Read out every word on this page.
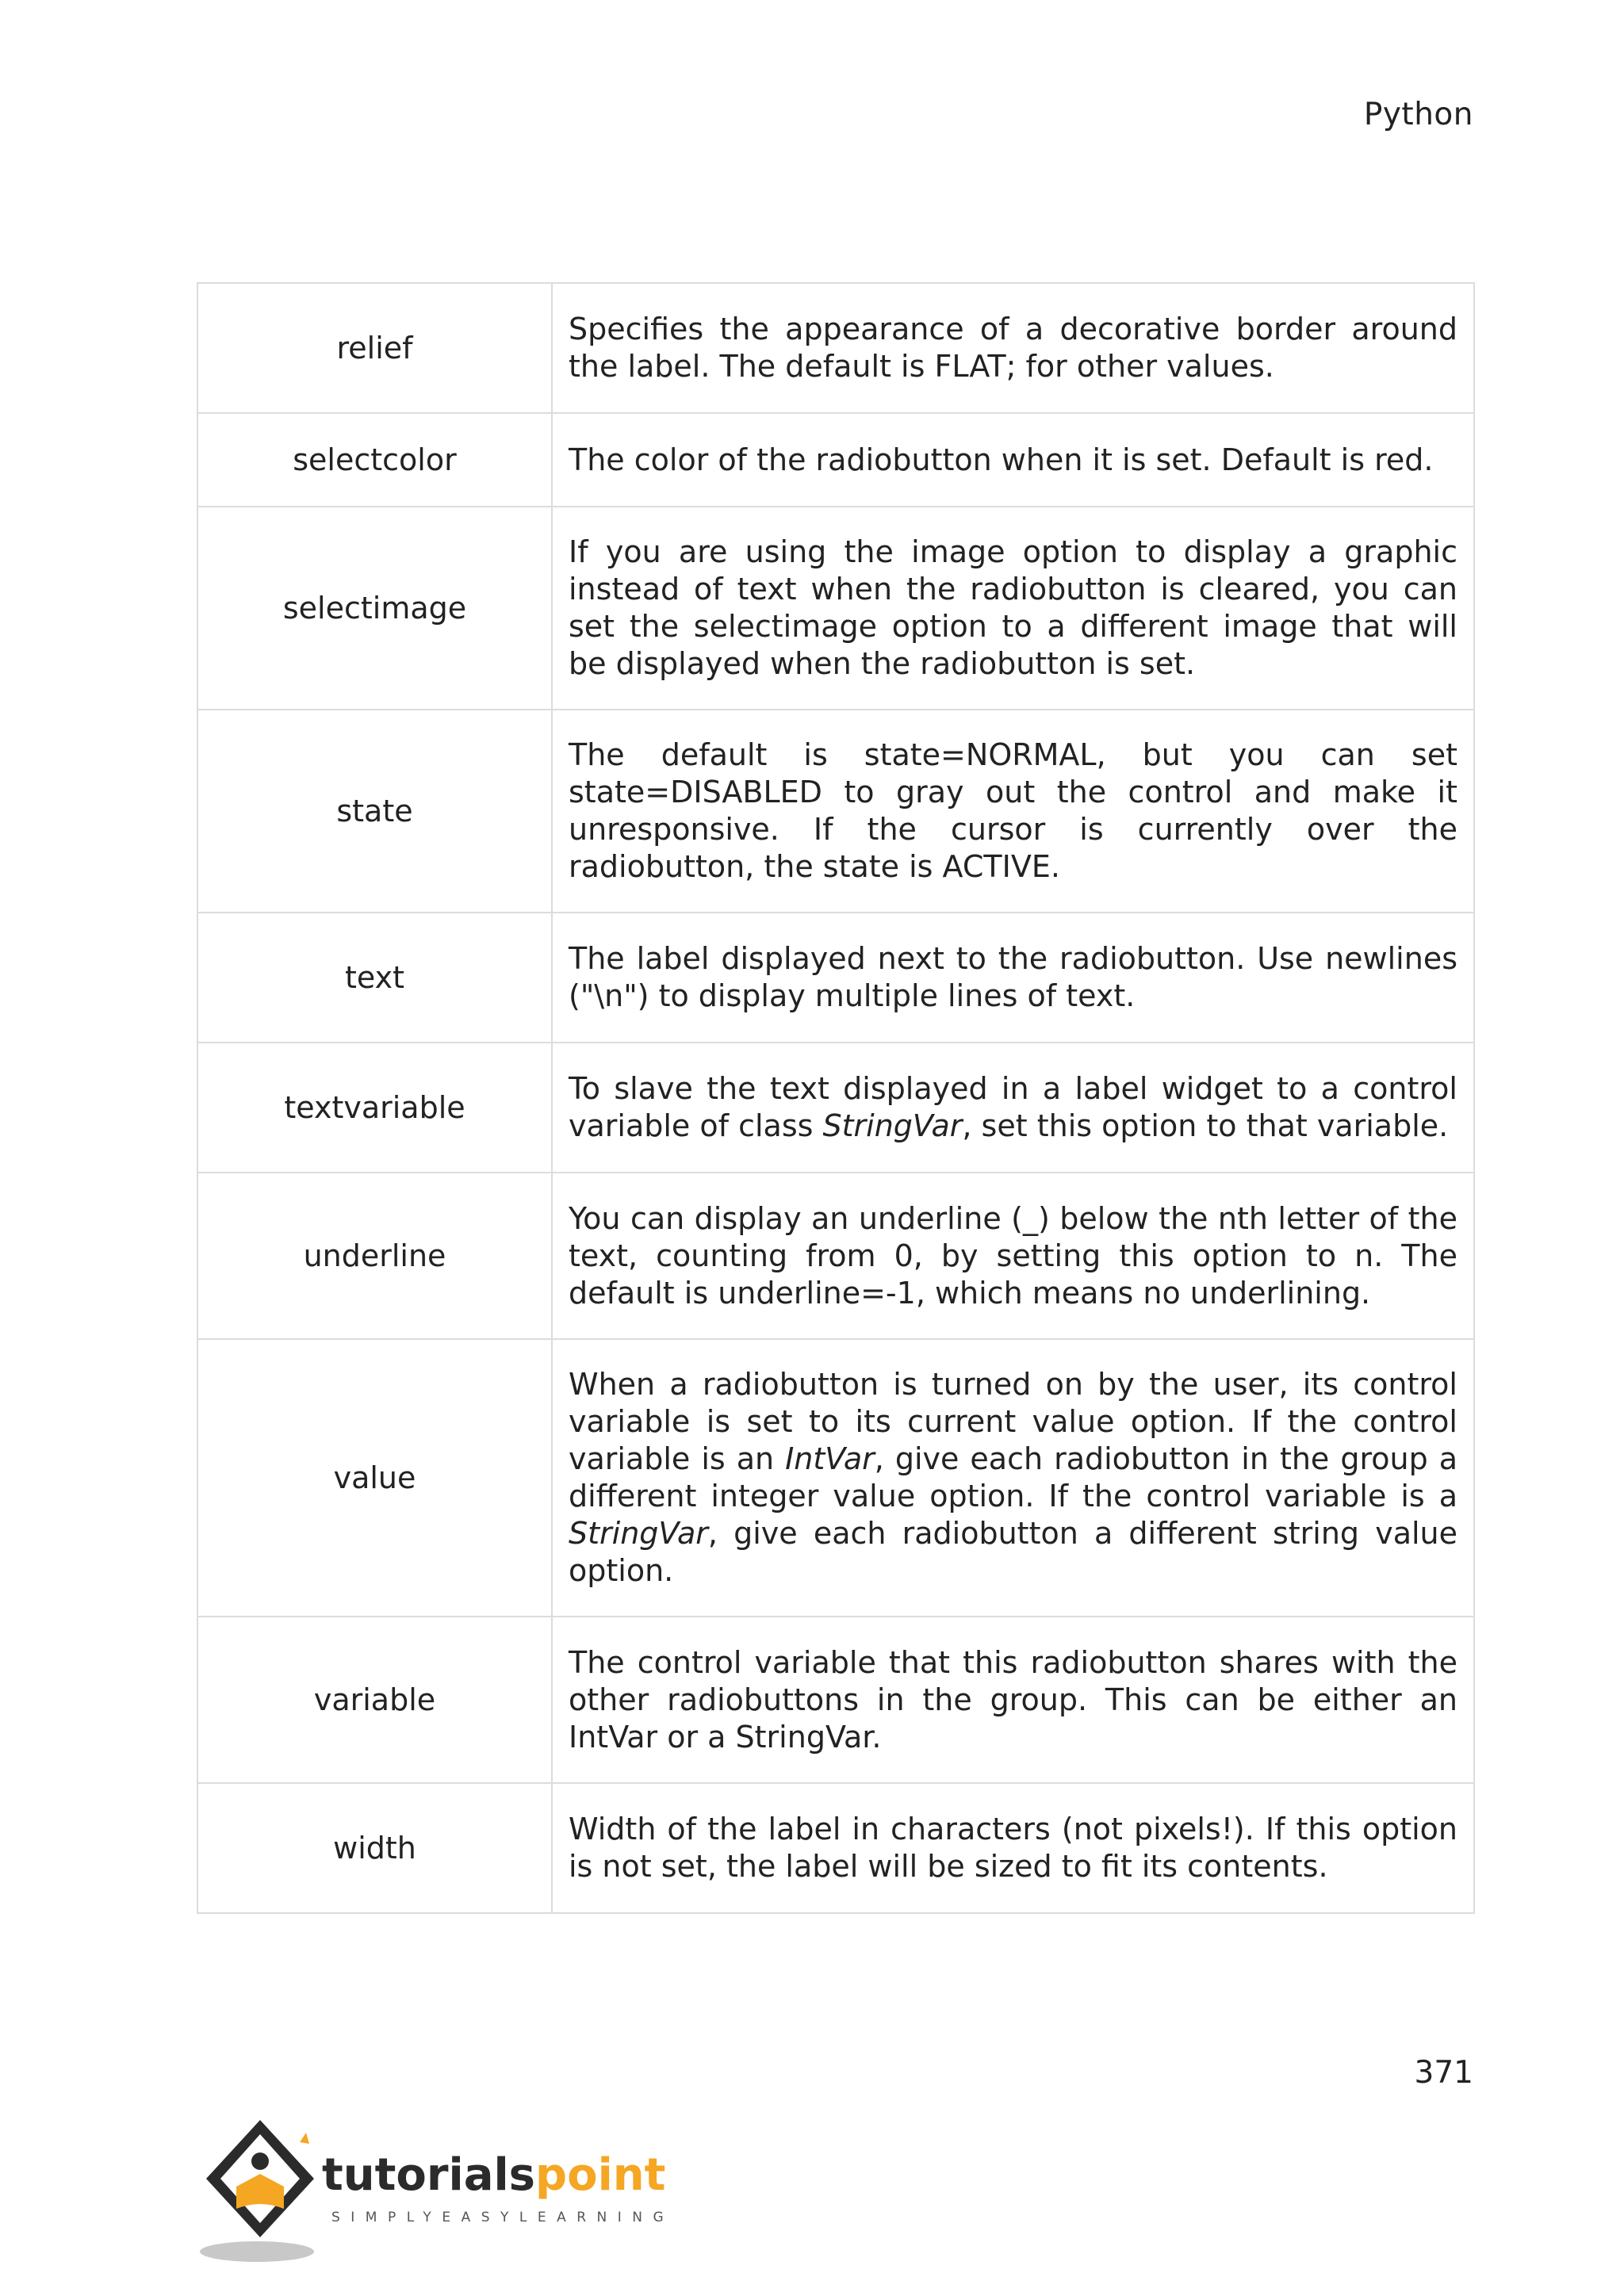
Python
relief	Specifies the appearance of a decorative border around the label. The default is FLAT; for other values.
selectcolor	The color of the radiobutton when it is set. Default is red.
selectimage	If you are using the image option to display a graphic instead of text when the radiobutton is cleared, you can set the selectimage option to a different image that will be displayed when the radiobutton is set.
state	The default is state=NORMAL, but you can set state=DISABLED to gray out the control and make it unresponsive. If the cursor is currently over the radiobutton, the state is ACTIVE.
text	The label displayed next to the radiobutton. Use newlines ("\n") to display multiple lines of text.
textvariable	To slave the text displayed in a label widget to a control variable of class StringVar, set this option to that variable.
underline	You can display an underline (_) below the nth letter of the text, counting from 0, by setting this option to n. The default is underline=-1, which means no underlining.
value	When a radiobutton is turned on by the user, its control variable is set to its current value option. If the control variable is an IntVar, give each radiobutton in the group a different integer value option. If the control variable is a StringVar, give each radiobutton a different string value option.
variable	The control variable that this radiobutton shares with the other radiobuttons in the group. This can be either an IntVar or a StringVar.
width	Width of the label in characters (not pixels!). If this option is not set, the label will be sized to fit its contents.
371
tutorialspoint
SIMPLYEASYLEARNING
